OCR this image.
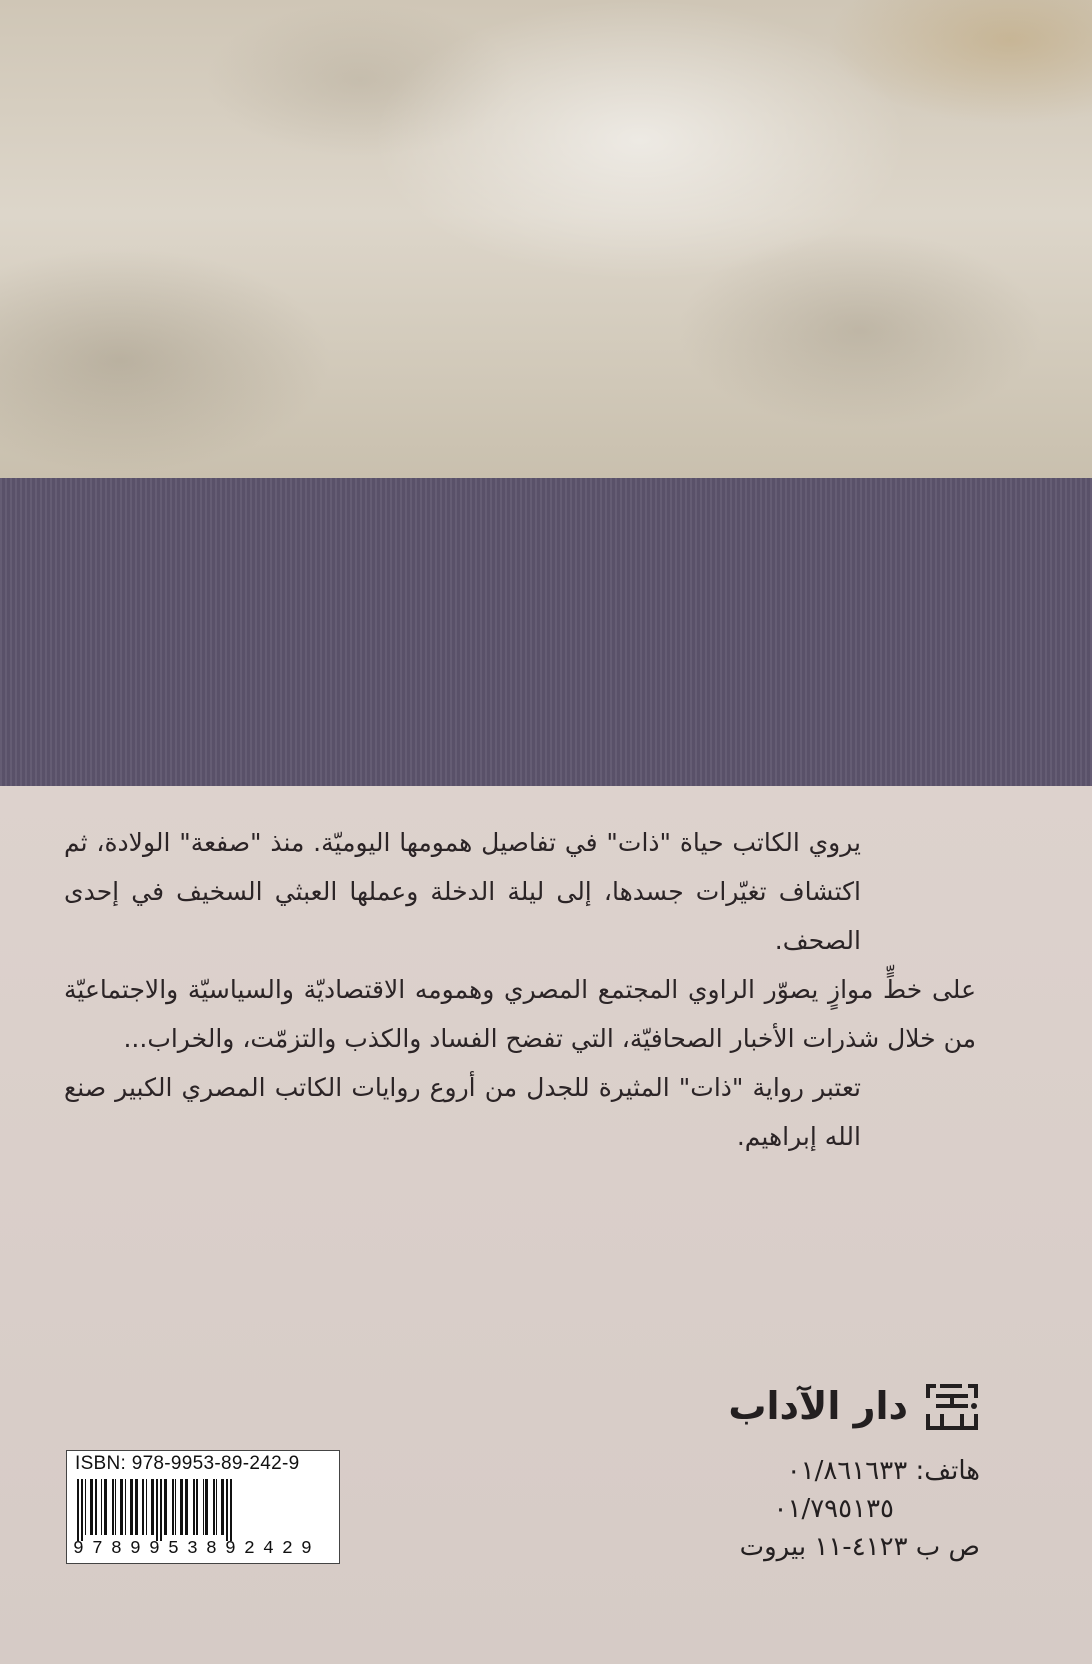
يروي الكاتب حياة "ذات" في تفاصيل همومها اليوميّة. منذ "صفعة" الولادة، ثم اكتشاف تغيّرات جسدها، إلى ليلة الدخلة وعملها العبثي السخيف في إحدى الصحف.

على خطٍّ موازٍ يصوّر الراوي المجتمع المصري وهمومه الاقتصاديّة والسياسيّة والاجتماعيّة من خلال شذرات الأخبار الصحافيّة، التي تفضح الفساد والكذب والتزمّت، والخراب...

تعتبر رواية "ذات" المثيرة للجدل من أروع روايات الكاتب المصري الكبير صنع الله إبراهيم.

دار الآداب
هاتف: ٠١/٨٦١٦٣٣
٠١/٧٩٥١٣٥
ص ب ٤١٢٣-١١ بيروت
ISBN: 978-9953-89-242-9
9789953892429
